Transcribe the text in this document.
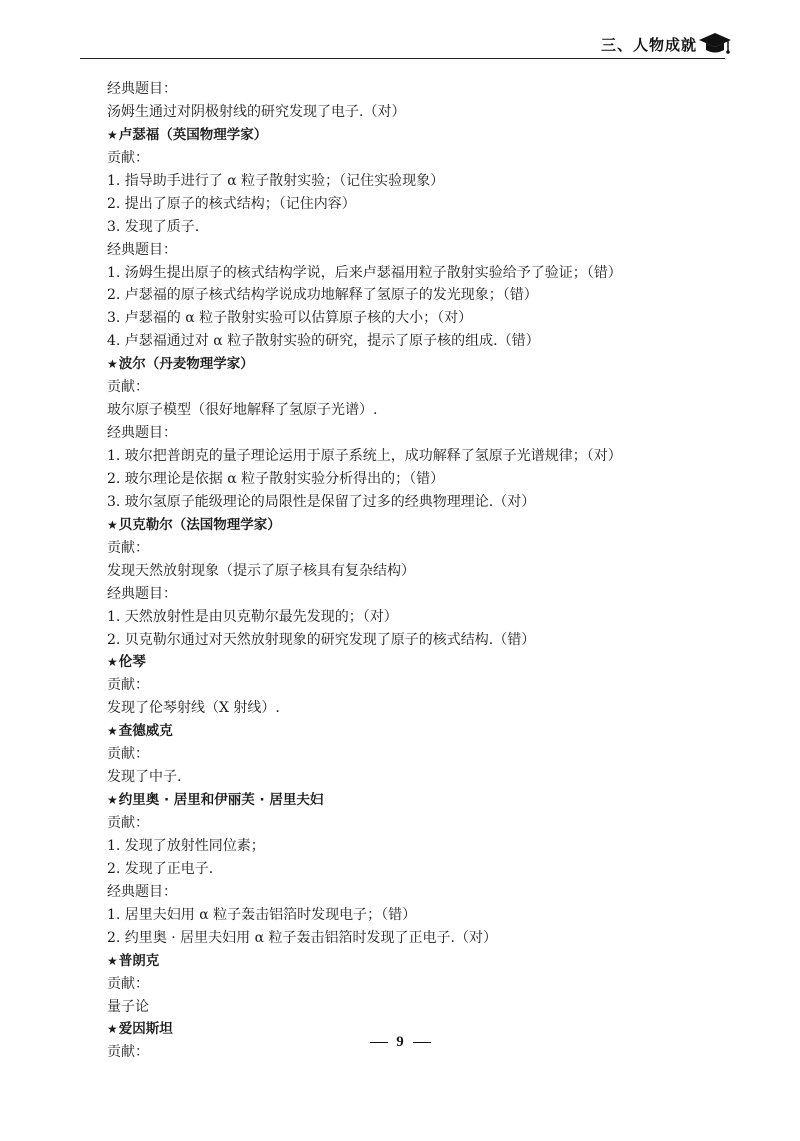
三、人物成就
经典题目：
汤姆生通过对阴极射线的研究发现了电子.（对）
★卢瑟福（英国物理学家）
贡献：
1. 指导助手进行了 α 粒子散射实验；（记住实验现象）
2. 提出了原子的核式结构；（记住内容）
3. 发现了质子.
经典题目：
1. 汤姆生提出原子的核式结构学说，后来卢瑟福用粒子散射实验给予了验证；（错）
2. 卢瑟福的原子核式结构学说成功地解释了氢原子的发光现象；（错）
3. 卢瑟福的 α 粒子散射实验可以估算原子核的大小；（对）
4. 卢瑟福通过对 α 粒子散射实验的研究，提示了原子核的组成.（错）
★波尔（丹麦物理学家）
贡献：
玻尔原子模型（很好地解释了氢原子光谱）.
经典题目：
1. 玻尔把普朗克的量子理论运用于原子系统上，成功解释了氢原子光谱规律；（对）
2. 玻尔理论是依据 α 粒子散射实验分析得出的；（错）
3. 玻尔氢原子能级理论的局限性是保留了过多的经典物理理论.（对）
★贝克勒尔（法国物理学家）
贡献：
发现天然放射现象（提示了原子核具有复杂结构）
经典题目：
1. 天然放射性是由贝克勒尔最先发现的；（对）
2. 贝克勒尔通过对天然放射现象的研究发现了原子的核式结构.（错）
★伦琴
贡献：
发现了伦琴射线（X 射线）.
★查德威克
贡献：
发现了中子.
★约里奥 · 居里和伊丽芙 · 居里夫妇
贡献：
1. 发现了放射性同位素；
2. 发现了正电子.
经典题目：
1. 居里夫妇用 α 粒子轰击铝箔时发现电子；（错）
2. 约里奥 · 居里夫妇用 α 粒子轰击铝箔时发现了正电子.（对）
★普朗克
贡献：
量子论
★爱因斯坦
贡献：
9
